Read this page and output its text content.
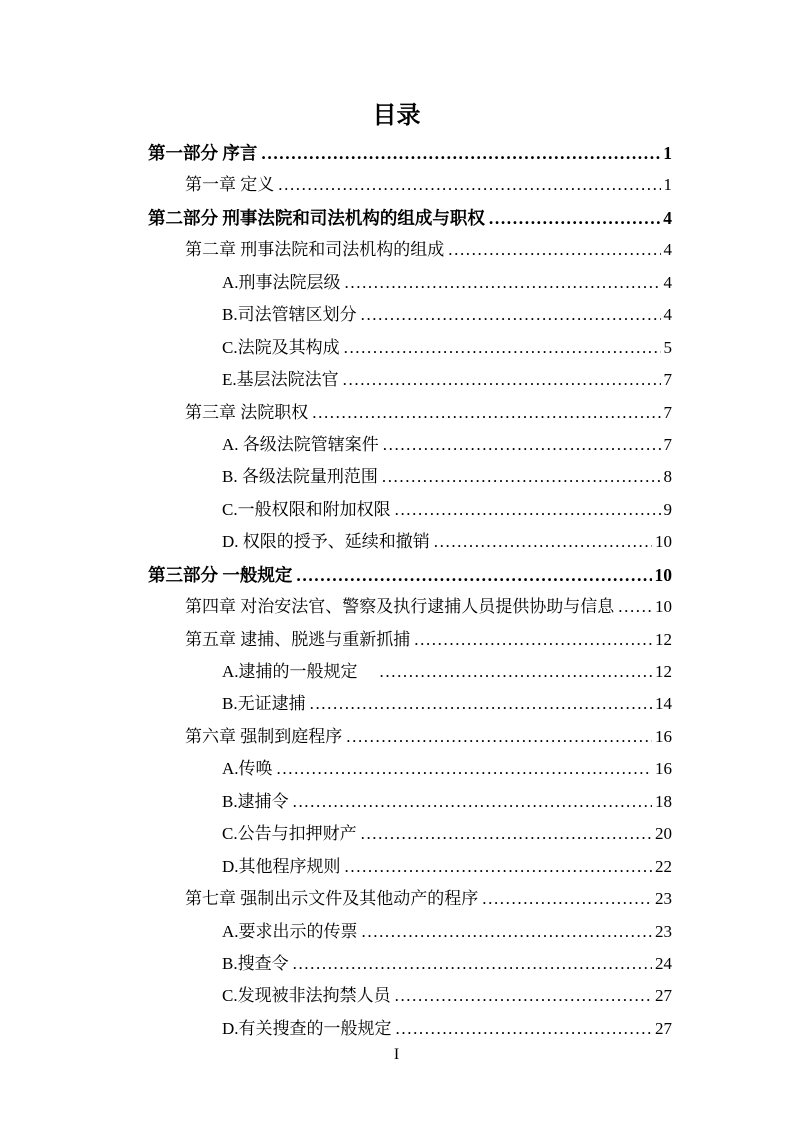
目录
第一部分 序言 .....	1
第一章 定义 .....	1
第二部分 刑事法院和司法机构的组成与职权 .....	4
第二章 刑事法院和司法机构的组成 .....	4
A.刑事法院层级 .....	4
B.司法管辖区划分 .....	4
C.法院及其构成 .....	5
E.基层法院法官 .....	7
第三章 法院职权 .....	7
A. 各级法院管辖案件 .....	7
B. 各级法院量刑范围 .....	8
C.一般权限和附加权限 .....	9
D. 权限的授予、延续和撤销 .....	10
第三部分 一般规定 .....	10
第四章 对治安法官、警察及执行逮捕人员提供协助与信息 ..... 10
第五章 逮捕、脱逃与重新抓捕 .....	12
A.逮捕的一般规定 .....	12
B.无证逮捕 .....	14
第六章 强制到庭程序 .....	16
A.传唤 .....	16
B.逮捕令 .....	18
C.公告与扣押财产 .....	20
D.其他程序规则 .....	22
第七章 强制出示文件及其他动产的程序 .....	23
A.要求出示的传票 .....	23
B.搜查令 .....	24
C.发现被非法拘禁人员 .....	27
D.有关搜查的一般规定 .....	27
I
